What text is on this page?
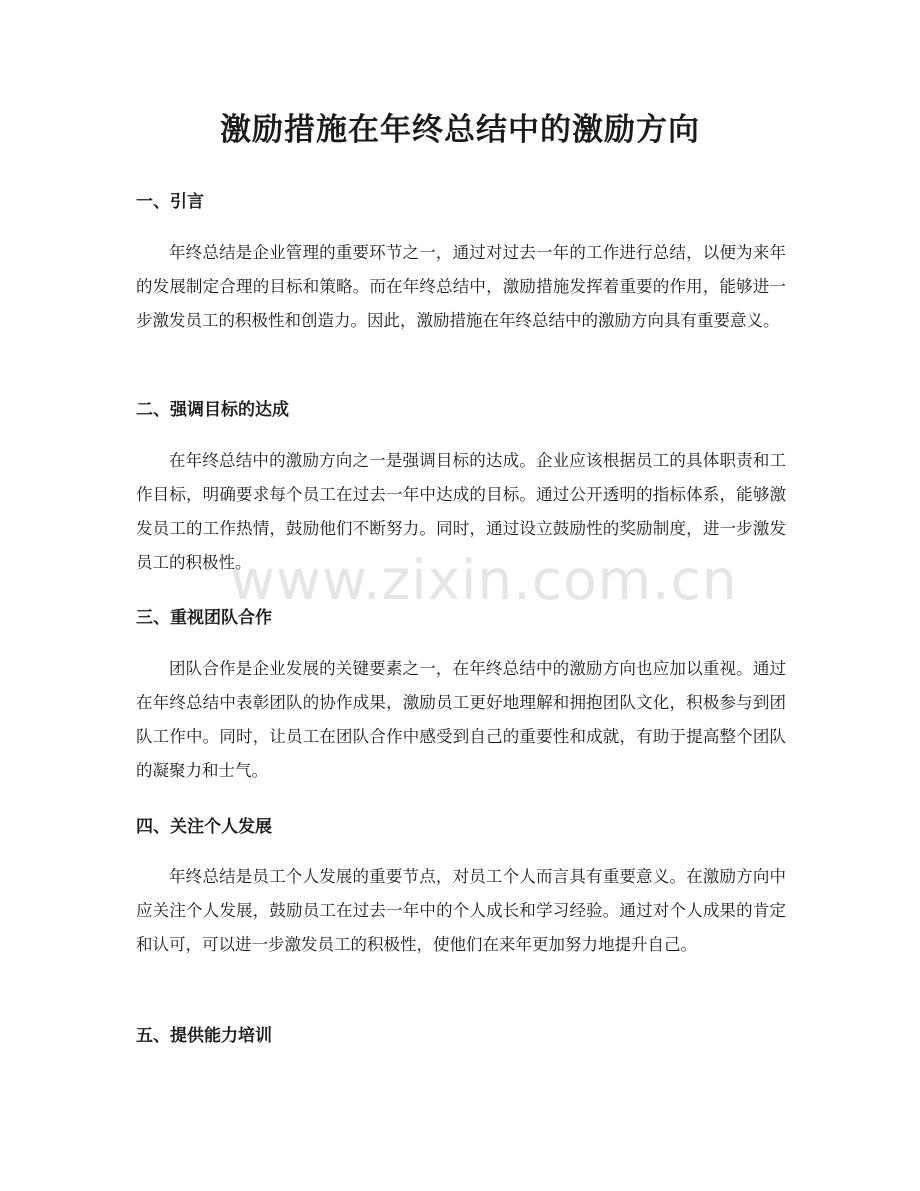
激励措施在年终总结中的激励方向
一、引言

年终总结是企业管理的重要环节之一，通过对过去一年的工作进行总结，以便为来年的发展制定合理的目标和策略。而在年终总结中，激励措施发挥着重要的作用，能够进一步激发员工的积极性和创造力。因此，激励措施在年终总结中的激励方向具有重要意义。

二、强调目标的达成

在年终总结中的激励方向之一是强调目标的达成。企业应该根据员工的具体职责和工作目标，明确要求每个员工在过去一年中达成的目标。通过公开透明的指标体系，能够激发员工的工作热情，鼓励他们不断努力。同时，通过设立鼓励性的奖励制度，进一步激发员工的积极性。

三、重视团队合作

团队合作是企业发展的关键要素之一，在年终总结中的激励方向也应加以重视。通过在年终总结中表彰团队的协作成果，激励员工更好地理解和拥抱团队文化，积极参与到团队工作中。同时，让员工在团队合作中感受到自己的重要性和成就，有助于提高整个团队的凝聚力和士气。

四、关注个人发展

年终总结是员工个人发展的重要节点，对员工个人而言具有重要意义。在激励方向中应关注个人发展，鼓励员工在过去一年中的个人成长和学习经验。通过对个人成果的肯定和认可，可以进一步激发员工的积极性，使他们在来年更加努力地提升自己。

五、提供能力培训
www.zixin.com.cn
